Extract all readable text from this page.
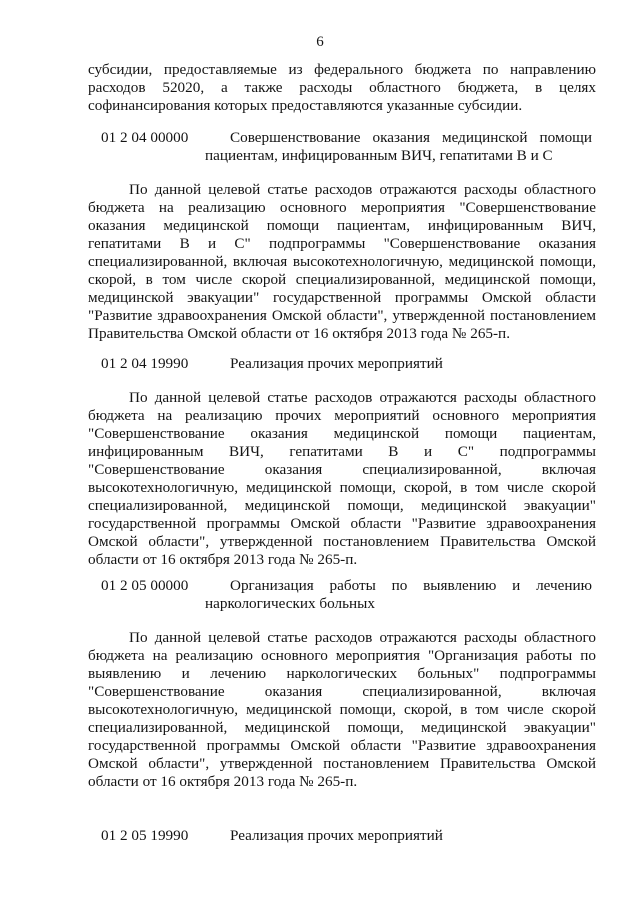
6
субсидии, предоставляемые из федерального бюджета по направлению
расходов 52020, а также расходы областного бюджета, в целях
софинансирования которых предоставляются указанные субсидии.
01 2 04 00000	Совершенствование оказания медицинской помощи
пациентам, инфицированным ВИЧ, гепатитами В и С
По данной целевой статье расходов отражаются расходы областного
бюджета на реализацию основного мероприятия "Совершенствование
оказания медицинской помощи пациентам, инфицированным ВИЧ,
гепатитами В и С" подпрограммы "Совершенствование оказания
специализированной, включая высокотехнологичную, медицинской помощи,
скорой, в том числе скорой специализированной, медицинской помощи,
медицинской эвакуации" государственной программы Омской области
"Развитие здравоохранения Омской области", утвержденной постановлением
Правительства Омской области от 16 октября 2013 года № 265-п.
01 2 04 19990	Реализация прочих мероприятий
По данной целевой статье расходов отражаются расходы областного
бюджета на реализацию прочих мероприятий основного мероприятия
"Совершенствование оказания медицинской помощи пациентам,
инфицированным ВИЧ, гепатитами В и С" подпрограммы
"Совершенствование оказания специализированной, включая
высокотехнологичную, медицинской помощи, скорой, в том числе скорой
специализированной, медицинской помощи, медицинской эвакуации"
государственной программы Омской области "Развитие здравоохранения
Омской области", утвержденной постановлением Правительства Омской
области от 16 октября 2013 года № 265-п.
01 2 05 00000	Организация работы по выявлению и лечению
наркологических больных
По данной целевой статье расходов отражаются расходы областного
бюджета на реализацию основного мероприятия "Организация работы по
выявлению и лечению наркологических больных" подпрограммы
"Совершенствование оказания специализированной, включая
высокотехнологичную, медицинской помощи, скорой, в том числе скорой
специализированной, медицинской помощи, медицинской эвакуации"
государственной программы Омской области "Развитие здравоохранения
Омской области", утвержденной постановлением Правительства Омской
области от 16 октября 2013 года № 265-п.
01 2 05 19990	Реализация прочих мероприятий
